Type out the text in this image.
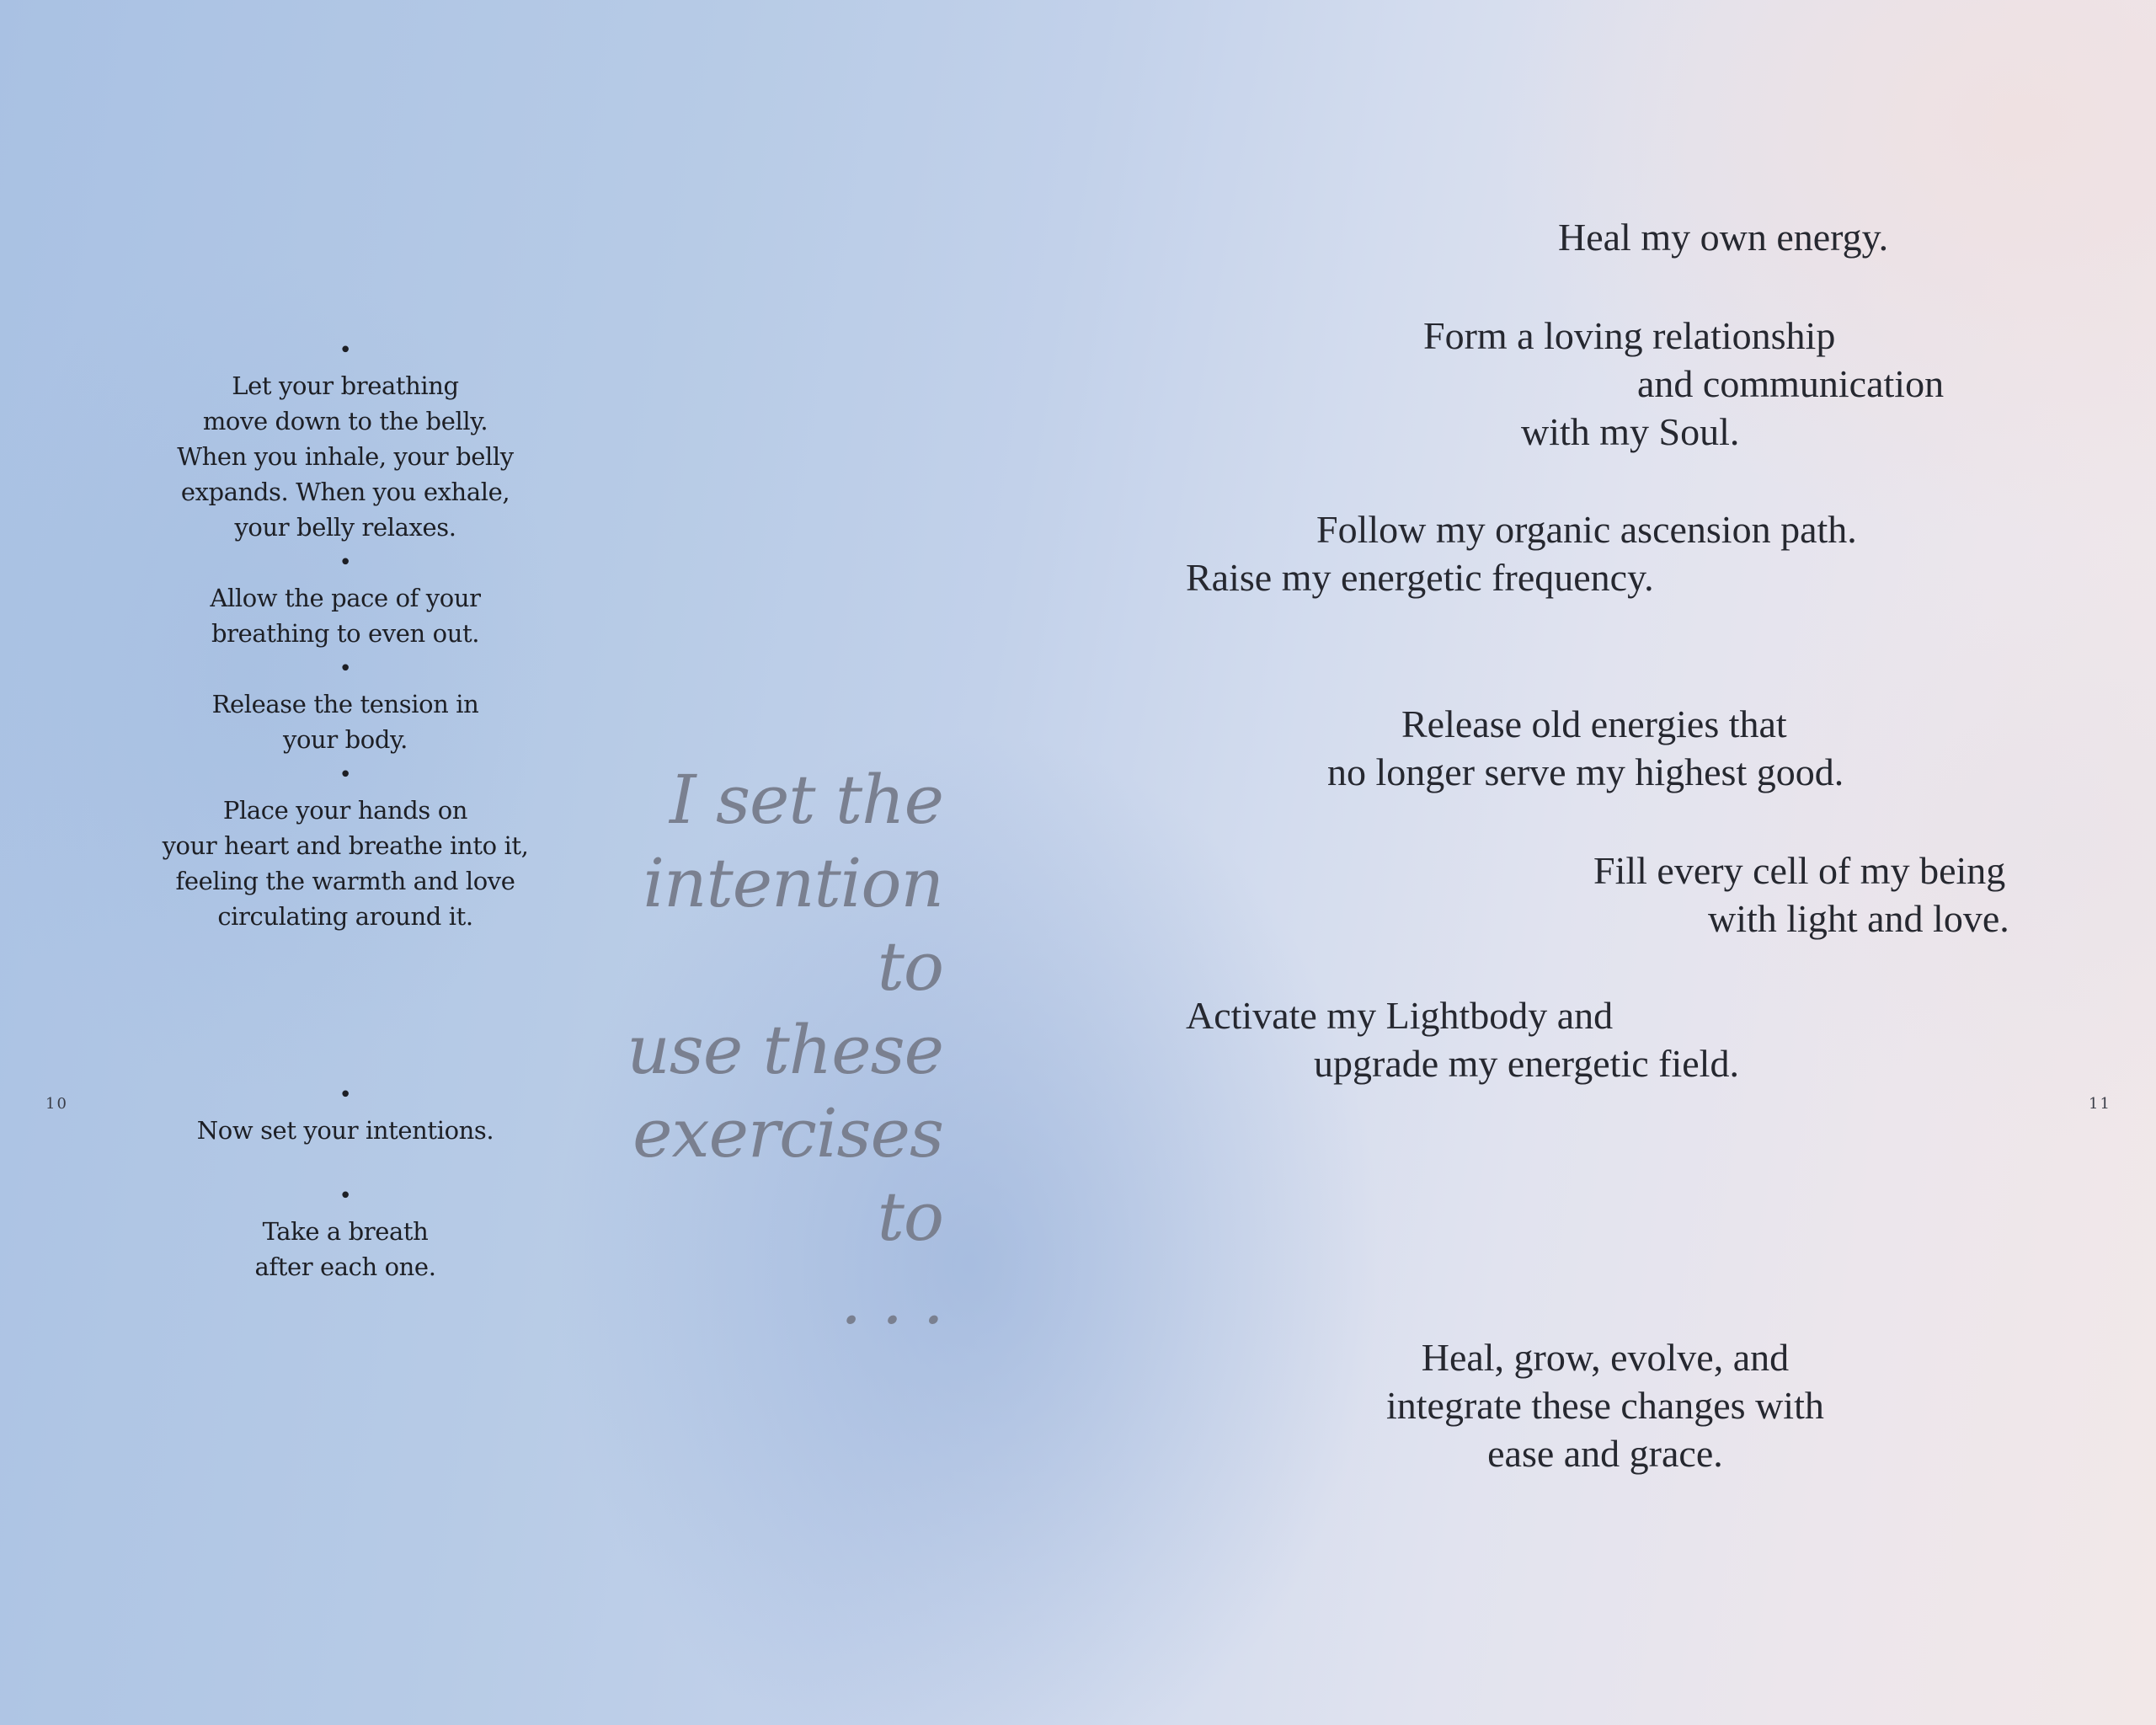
•
Let your breathing
move down to the belly.
When you inhale, your belly
expands. When you exhale,
your belly relaxes.
•
Allow the pace of your
breathing to even out.
•
Release the tension in
your body.
•
Place your hands on
your heart and breathe into it,
feeling the warmth and love
circulating around it.
•
Now set your intentions.
•
Take a breath
after each one.
10
I set the
intention to
use these
exercises to
. . .
Heal my own energy.
Form a loving relationship
and communication
with my Soul.
Follow my organic ascension path.
Raise my energetic frequency.
Release old energies that
no longer serve my highest good.
Fill every cell of my being
with light and love.
Activate my Lightbody and
upgrade my energetic field.
Heal, grow, evolve, and
integrate these changes with
ease and grace.
11
